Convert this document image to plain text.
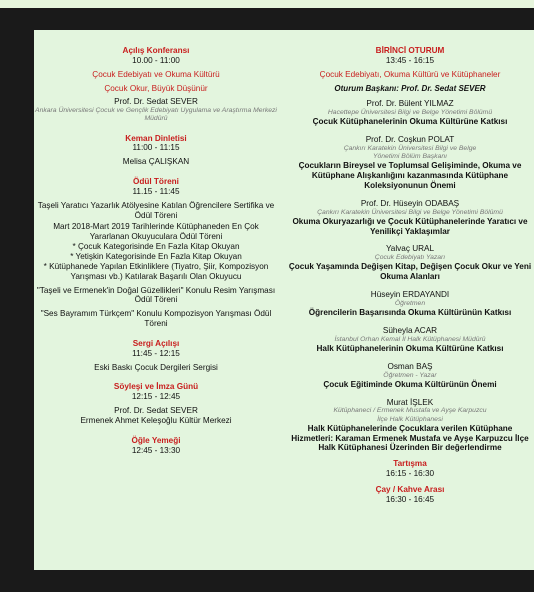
Açılış Konferansı
10.00 - 11:00
Çocuk Edebiyatı ve Okuma Kültürü
Çocuk Okur, Büyük Düşünür
Prof. Dr. Sedat SEVER
Ankara Üniversitesi Çocuk ve Gençlik Edebiyatı Uygulama ve Araştırma Merkezi Müdürü
Keman Dinletisi
11:00 - 11:15
Melisa ÇALIŞKAN
Ödül Töreni
11.15 - 11:45
Taşeli Yaratıcı Yazarlık Atölyesine Katılan Öğrencilere Sertifika ve Ödül Töreni
Mart 2018-Mart 2019 Tarihlerinde Kütüphaneden En Çok Yararlanan Okuyuculara Ödül Töreni
* Çocuk Kategorisinde En Fazla Kitap Okuyan
* Yetişkin Kategorisinde En Fazla Kitap Okuyan
* Kütüphanede Yapılan Etkinliklere (Tiyatro, Şiir, Kompozisyon Yarışması vb.) Katılarak Başarılı Olan Okuyucu
"Taşeli ve Ermenek'in Doğal Güzellikleri" Konulu Resim Yarışması Ödül Töreni
"Ses Bayramım Türkçem" Konulu Kompozisyon Yarışması Ödül Töreni
Sergi Açılışı
11:45 - 12:15
Eski Baskı Çocuk Dergileri Sergisi
Söyleşi ve İmza Günü
12:15 - 12:45
Prof. Dr. Sedat SEVER
Ermenek Ahmet Keleşoğlu Kültür Merkezi
Öğle Yemeği
12:45 - 13:30
BİRİNCİ OTURUM
13:45 - 16:15
Çocuk Edebiyatı, Okuma Kültürü ve Kütüphaneler
Oturum Başkanı: Prof. Dr. Sedat SEVER
Prof. Dr. Bülent YILMAZ
Hacettepe Üniversitesi Bilgi ve Belge Yönetimi Bölümü
Çocuk Kütüphanelerinin Okuma Kültürüne Katkısı
Prof. Dr. Coşkun POLAT
Çankırı Karatekin Üniversitesi Bilgi ve Belge Yönetimi Bölüm Başkanı
Çocukların Bireysel ve Toplumsal Gelişiminde, Okuma ve Kütüphane Alışkanlığını kazanmasında Kütüphane Koleksiyonunun Önemi
Prof. Dr. Hüseyin ODABAŞ
Çankırı Karatekin Üniversitesi Bilgi ve Belge Yönetimi Bölümü
Okuma Okuryazarlığı ve Çocuk Kütüphanelerinde Yaratıcı ve Yenilikçi Yaklaşımlar
Yalvaç URAL
Çocuk Edebiyatı Yazarı
Çocuk Yaşamında Değişen Kitap, Değişen Çocuk Okur ve Yeni Okuma Alanları
Hüseyin ERDAYANDI
Öğretmen
Öğrencilerin Başarısında Okuma Kültürünün Katkısı
Süheyla ACAR
İstanbul Orhan Kemal İl Halk Kütüphanesi Müdürü
Halk Kütüphanelerinin Okuma Kültürüne Katkısı
Osman BAŞ
Öğretmen - Yazar
Çocuk Eğitiminde Okuma Kültürünün Önemi
Murat İŞLEK
Kütüphaneci / Ermenek Mustafa ve Ayşe Karpuzcu İlçe Halk Kütüphanesi
Halk Kütüphanelerinde Çocuklara verilen Kütüphane Hizmetleri: Karaman Ermenek Mustafa ve Ayşe Karpuzcu İlçe Halk Kütüphanesi Üzerinden Bir değerlendirme
Tartışma
16:15 - 16:30
Çay / Kahve Arası
16:30 - 16:45
